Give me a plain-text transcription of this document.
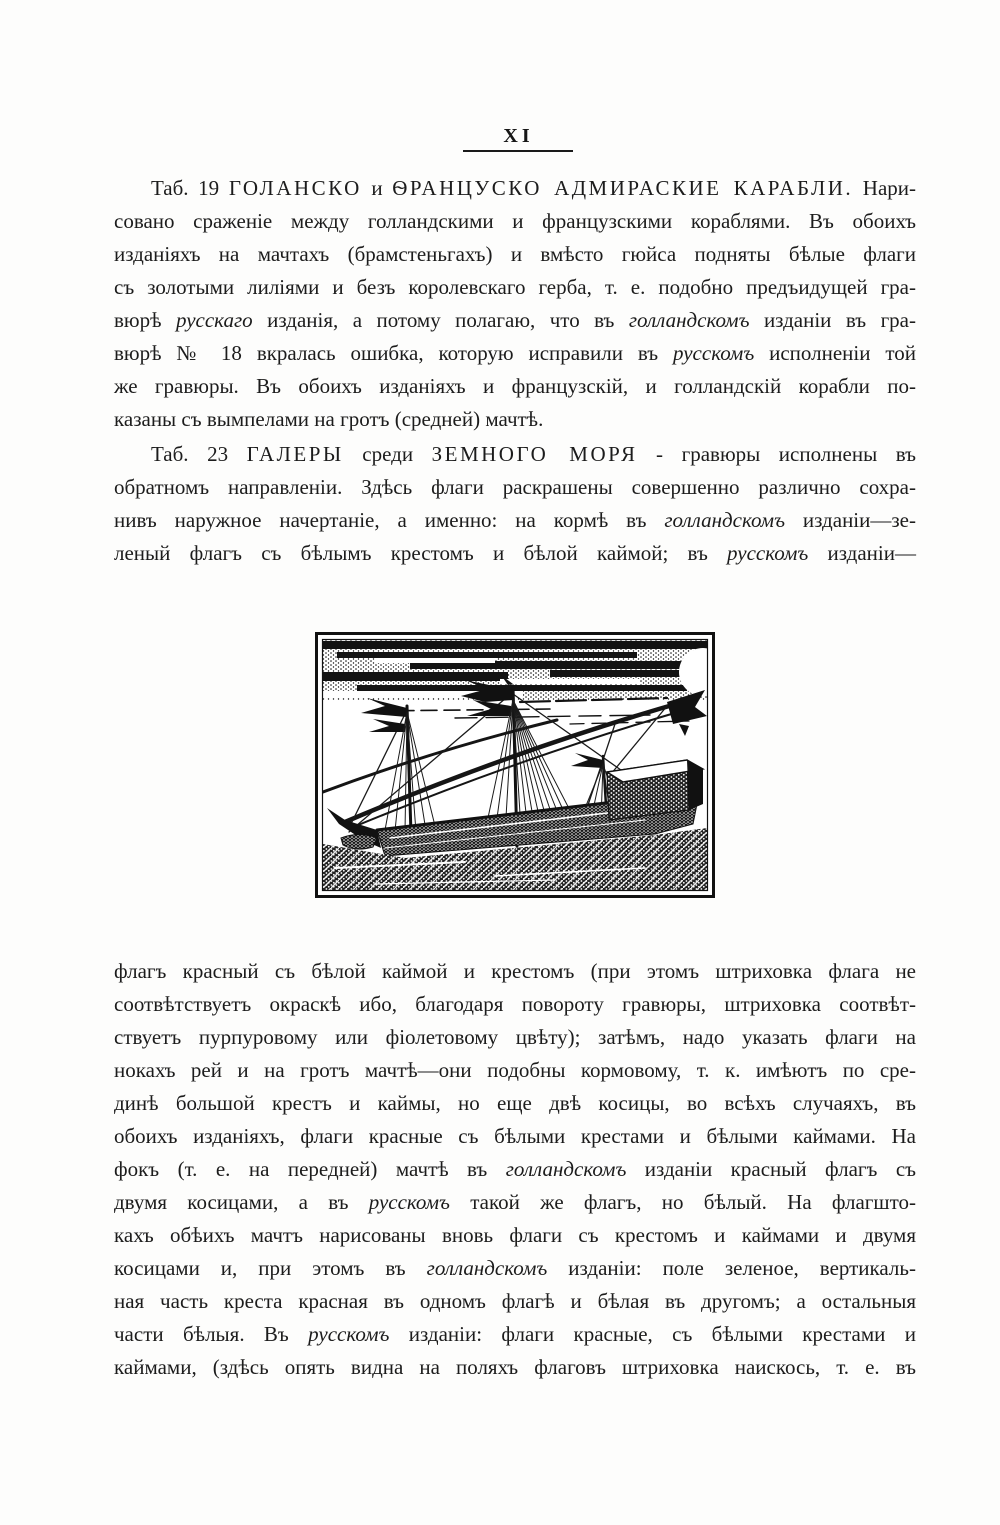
XI
Таб. 19 ГОЛАНСКО и ѲРАНЦУСКО АДМИРАСКИЕ КАРАБЛИ. Нари-
совано сраженіе между голландскими и французскими кораблями. Въ обоихъ
изданіяхъ на мачтахъ (брамстеньгахъ) и вмѣсто гюйса подняты бѣлые флаги
съ золотыми лиліями и безъ королевскаго герба, т. е. подобно предъидущей гра-
вюрѣ русскаго изданія, а потому полагаю, что въ голландскомъ изданіи въ гра-
вюрѣ № 18 вкралась ошибка, которую исправили въ русскомъ исполненіи той
же гравюры. Въ обоихъ изданіяхъ и французскій, и голландскій корабли по-
казаны съ вымпелами на гротъ (средней) мачтѣ.
Таб. 23 ГАЛЕРЫ среди ЗЕМНОГО МОРЯ - гравюры исполнены въ
обратномъ направленіи. Здѣсь флаги раскрашены совершенно различно сохра-
нивъ наружное начертаніе, а именно: на кормѣ въ голландскомъ изданіи—зе-
леный флагъ съ бѣлымъ крестомъ и бѣлой каймой; въ русскомъ изданіи—
флагъ красный съ бѣлой каймой и крестомъ (при этомъ штриховка флага не
соотвѣтствуетъ окраскѣ ибо, благодаря повороту гравюры, штриховка соотвѣт-
ствуетъ пурпуровому или фіолетовому цвѣту); затѣмъ, надо указать флаги на
нокахъ рей и на гротъ мачтѣ—они подобны кормовому, т. к. имѣютъ по сре-
динѣ большой крестъ и каймы, но еще двѣ косицы, во всѣхъ случаяхъ, въ
обоихъ изданіяхъ, флаги красные съ бѣлыми крестами и бѣлыми каймами. На
фокъ (т. е. на передней) мачтѣ въ голландскомъ изданіи красный флагъ съ
двумя косицами, а въ русскомъ такой же флагъ, но бѣлый. На флагшто-
кахъ обѣихъ мачтъ нарисованы вновь флаги съ крестомъ и каймами и двумя
косицами и, при этомъ въ голландскомъ изданіи: поле зеленое, вертикаль-
ная часть креста красная въ одномъ флагѣ и бѣлая въ другомъ; а остальныя
части бѣлыя. Въ русскомъ изданіи: флаги красные, съ бѣлыми крестами и
каймами, (здѣсь опять видна на поляхъ флаговъ штриховка наискось, т. е. въ
